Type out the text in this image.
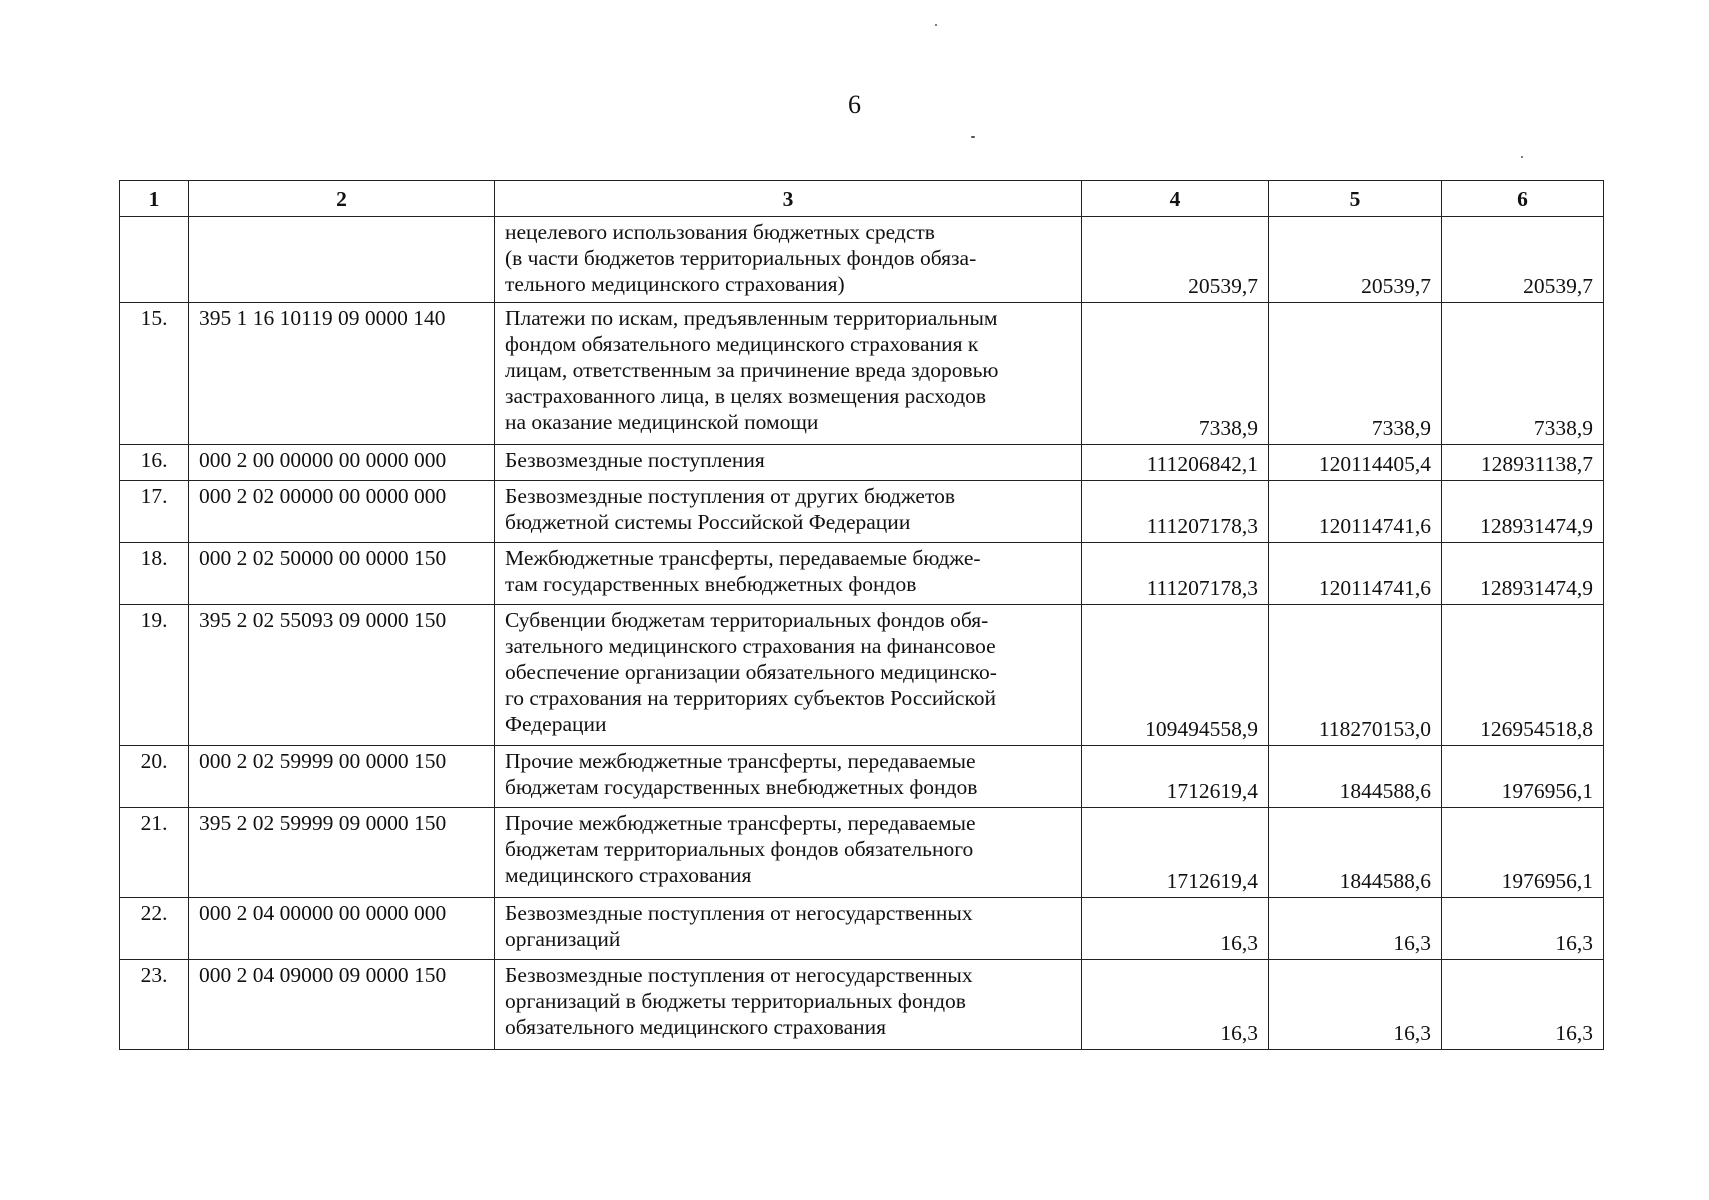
6
1	2	3	4	5	6
		нецелевого использования бюджетных средств
(в части бюджетов территориальных фондов обяза-
тельного медицинского страхования)	20539,7	20539,7	20539,7
15.	395 1 16 10119 09 0000 140	Платежи по искам, предъявленным территориальным
фондом обязательного медицинского страхования к
лицам, ответственным за причинение вреда здоровью
застрахованного лица, в целях возмещения расходов
на оказание медицинской помощи	7338,9	7338,9	7338,9
16.	000 2 00 00000 00 0000 000	Безвозмездные поступления	111206842,1	120114405,4	128931138,7
17.	000 2 02 00000 00 0000 000	Безвозмездные поступления от других бюджетов
бюджетной системы Российской Федерации	111207178,3	120114741,6	128931474,9
18.	000 2 02 50000 00 0000 150	Межбюджетные трансферты, передаваемые бюдже-
там государственных внебюджетных фондов	111207178,3	120114741,6	128931474,9
19.	395 2 02 55093 09 0000 150	Субвенции бюджетам территориальных фондов обя-
зательного медицинского страхования на финансовое
обеспечение организации обязательного медицинско-
го страхования на территориях субъектов Российской
Федерации	109494558,9	118270153,0	126954518,8
20.	000 2 02 59999 00 0000 150	Прочие межбюджетные трансферты, передаваемые
бюджетам государственных внебюджетных фондов	1712619,4	1844588,6	1976956,1
21.	395 2 02 59999 09 0000 150	Прочие межбюджетные трансферты, передаваемые
бюджетам территориальных фондов обязательного
медицинского страхования	1712619,4	1844588,6	1976956,1
22.	000 2 04 00000 00 0000 000	Безвозмездные поступления от негосударственных
организаций	16,3	16,3	16,3
23.	000 2 04 09000 09 0000 150	Безвозмездные поступления от негосударственных
организаций в бюджеты территориальных фондов
обязательного медицинского страхования	16,3	16,3	16,3
